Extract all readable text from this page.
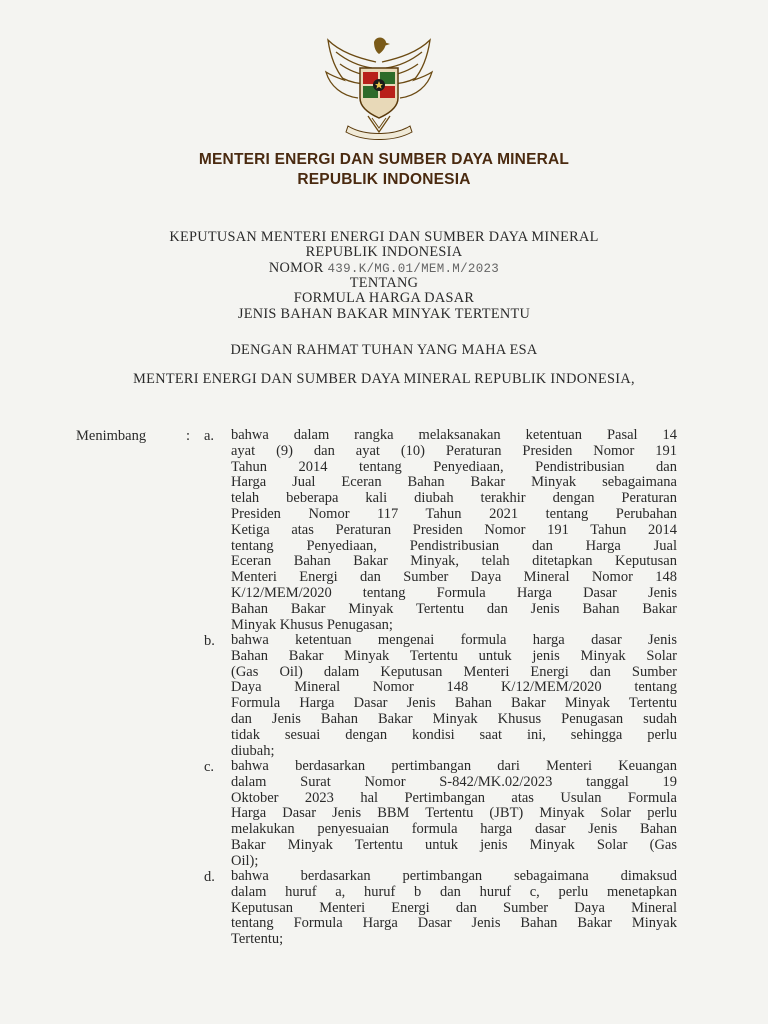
MENTERI ENERGI DAN SUMBER DAYA MINERAL
REPUBLIK INDONESIA
KEPUTUSAN MENTERI ENERGI DAN SUMBER DAYA MINERAL
REPUBLIK INDONESIA
NOMOR 439.K/MG.01/MEM.M/2023
TENTANG
FORMULA HARGA DASAR
JENIS BAHAN BAKAR MINYAK TERTENTU
DENGAN RAHMAT TUHAN YANG MAHA ESA
MENTERI ENERGI DAN SUMBER DAYA MINERAL REPUBLIK INDONESIA,
Menimbang	: a. bahwa dalam rangka melaksanakan ketentuan Pasal 14
ayat (9) dan ayat (10) Peraturan Presiden Nomor 191
Tahun 2014 tentang Penyediaan, Pendistribusian dan
Harga Jual Eceran Bahan Bakar Minyak sebagaimana
telah beberapa kali diubah terakhir dengan Peraturan
Presiden Nomor 117 Tahun 2021 tentang Perubahan
Ketiga atas Peraturan Presiden Nomor 191 Tahun 2014
tentang Penyediaan, Pendistribusian dan Harga Jual
Eceran Bahan Bakar Minyak, telah ditetapkan Keputusan
Menteri Energi dan Sumber Daya Mineral Nomor 148
K/12/MEM/2020 tentang Formula Harga Dasar Jenis
Bahan Bakar Minyak Tertentu dan Jenis Bahan Bakar
Minyak Khusus Penugasan;
b. bahwa ketentuan mengenai formula harga dasar Jenis
Bahan Bakar Minyak Tertentu untuk jenis Minyak Solar
(Gas Oil) dalam Keputusan Menteri Energi dan Sumber
Daya Mineral Nomor 148 K/12/MEM/2020 tentang
Formula Harga Dasar Jenis Bahan Bakar Minyak Tertentu
dan Jenis Bahan Bakar Minyak Khusus Penugasan sudah
tidak sesuai dengan kondisi saat ini, sehingga perlu
diubah;
c. bahwa berdasarkan pertimbangan dari Menteri Keuangan
dalam Surat Nomor S-842/MK.02/2023 tanggal 19
Oktober 2023 hal Pertimbangan atas Usulan Formula
Harga Dasar Jenis BBM Tertentu (JBT) Minyak Solar perlu
melakukan penyesuaian formula harga dasar Jenis Bahan
Bakar Minyak Tertentu untuk jenis Minyak Solar (Gas
Oil);
d. bahwa berdasarkan pertimbangan sebagaimana dimaksud
dalam huruf a, huruf b dan huruf c, perlu menetapkan
Keputusan Menteri Energi dan Sumber Daya Mineral
tentang Formula Harga Dasar Jenis Bahan Bakar Minyak
Tertentu;
